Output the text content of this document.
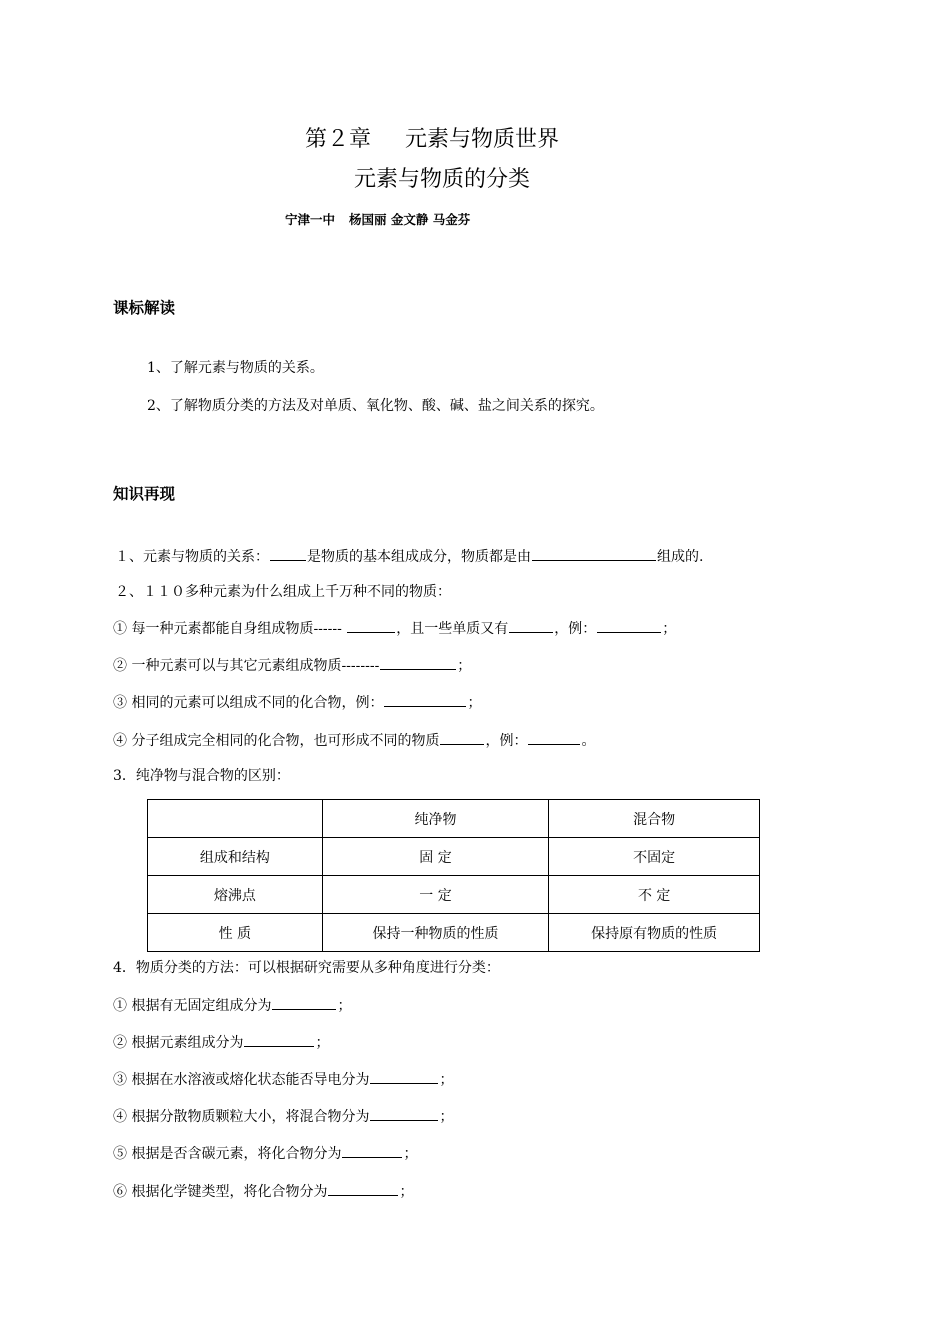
第２章 元素与物质世界
元素与物质的分类
宁津一中 杨国丽 金文静 马金芬
课标解读
1、了解元素与物质的关系。
2、了解物质分类的方法及对单质、氧化物、酸、碱、盐之间关系的探究。
知识再现
１、元素与物质的关系：	是物质的基本组成成分，物质都是由	组成的.
２、１１０多种元素为什么组成上千万种不同的物质：
① 每一种元素都能自身组成物质------	，且一些单质又有	，例：	；
② 一种元素可以与其它元素组成物质--------	；
③ 相同的元素可以组成不同的化合物，例：	；
④ 分子组成完全相同的化合物，也可形成不同的物质	，例：	。
3．纯净物与混合物的区别：
	纯净物	混合物
组成和结构	固 定	不固定
熔沸点	一 定	不 定
性 质	保持一种物质的性质	保持原有物质的性质
4．物质分类的方法：可以根据研究需要从多种角度进行分类：
① 根据有无固定组成分为	；
② 根据元素组成分为	；
③ 根据在水溶液或熔化状态能否导电分为	；
④ 根据分散物质颗粒大小，将混合物分为	；
⑤ 根据是否含碳元素，将化合物分为	；
⑥ 根据化学键类型，将化合物分为	；
